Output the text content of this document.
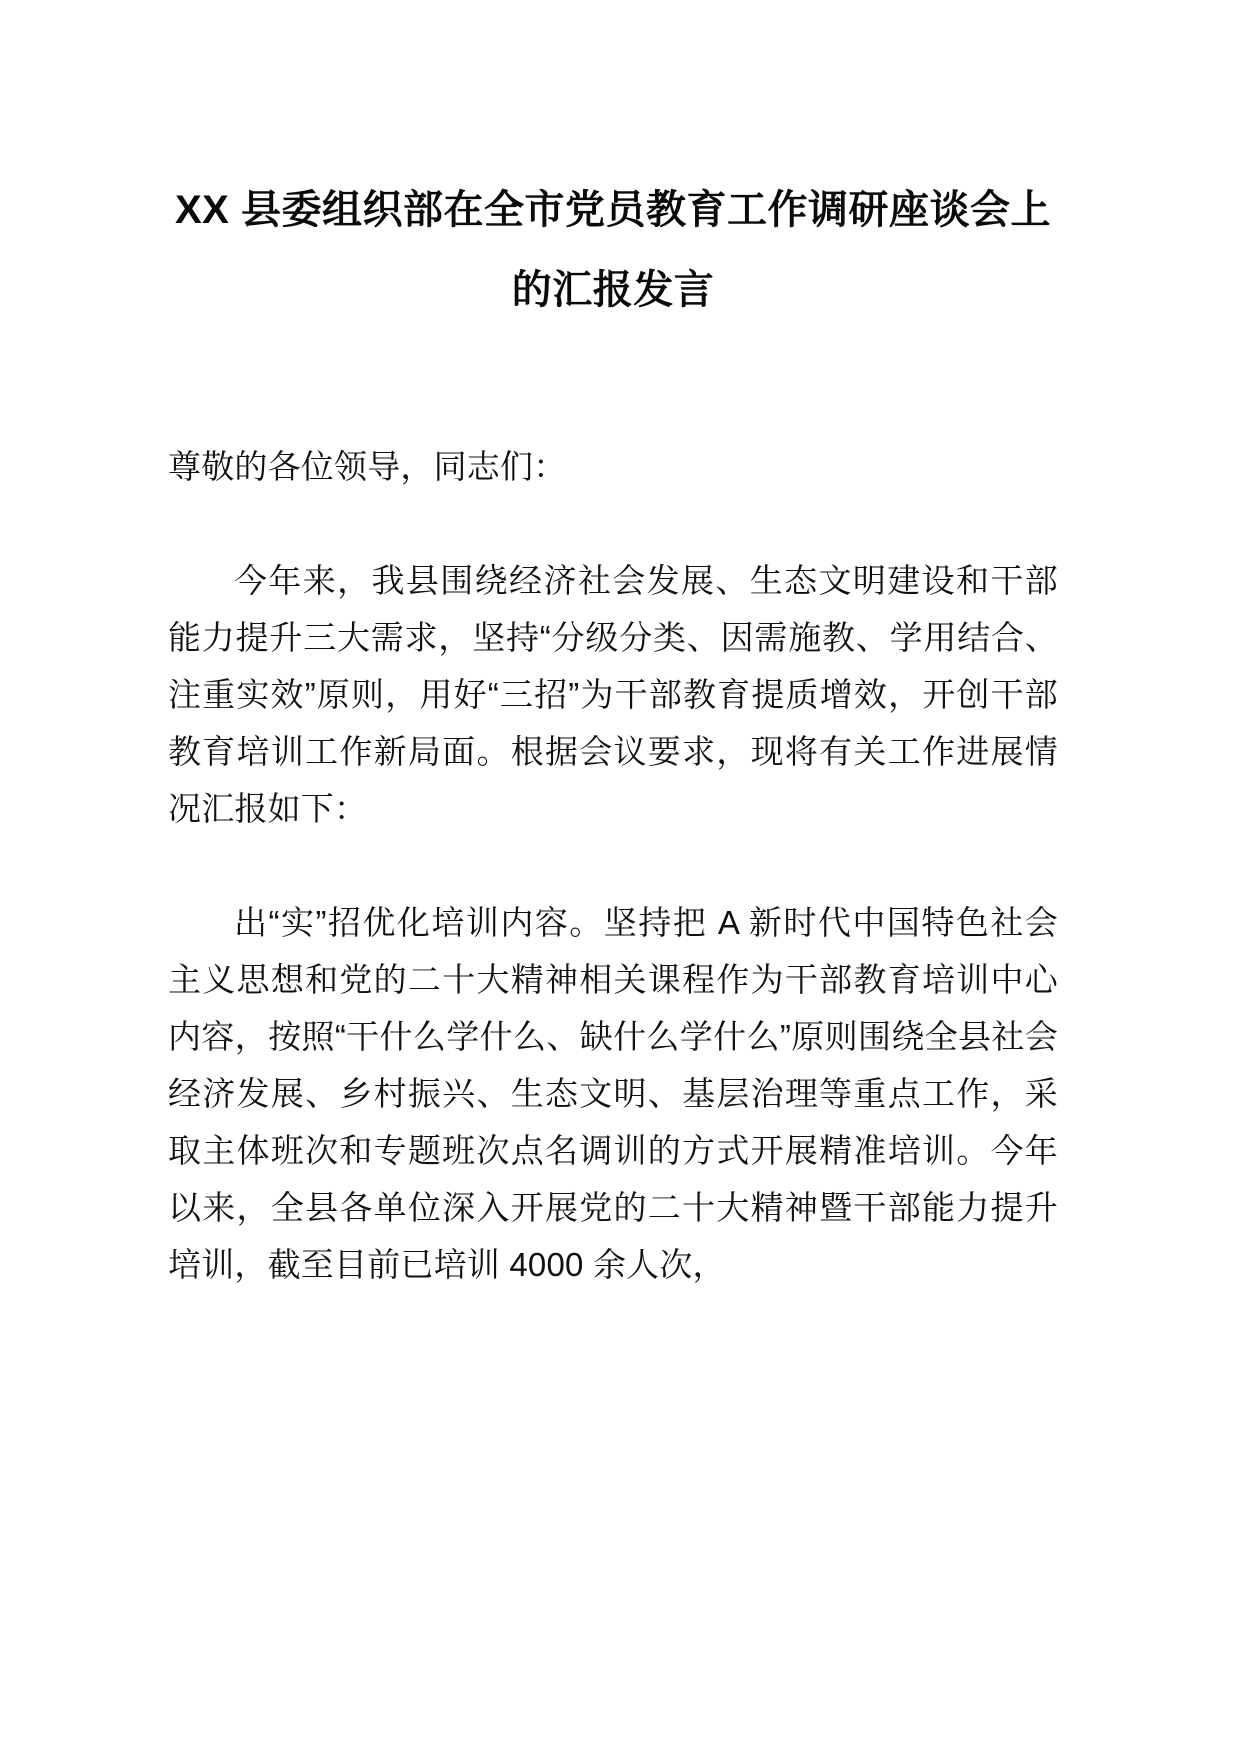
XX 县委组织部在全市党员教育工作调研座谈会上的汇报发言

尊敬的各位领导，同志们：

今年来，我县围绕经济社会发展、生态文明建设和干部能力提升三大需求，坚持“分级分类、因需施教、学用结合、注重实效”原则，用好“三招”为干部教育提质增效，开创干部教育培训工作新局面。根据会议要求，现将有关工作进展情况汇报如下：

出“实”招优化培训内容。坚持把 A 新时代中国特色社会主义思想和党的二十大精神相关课程作为干部教育培训中心内容，按照“干什么学什么、缺什么学什么”原则围绕全县社会经济发展、乡村振兴、生态文明、基层治理等重点工作，采取主体班次和专题班次点名调训的方式开展精准培训。今年以来，全县各单位深入开展党的二十大精神暨干部能力提升培训，截至目前已培训 4000 余人次，
